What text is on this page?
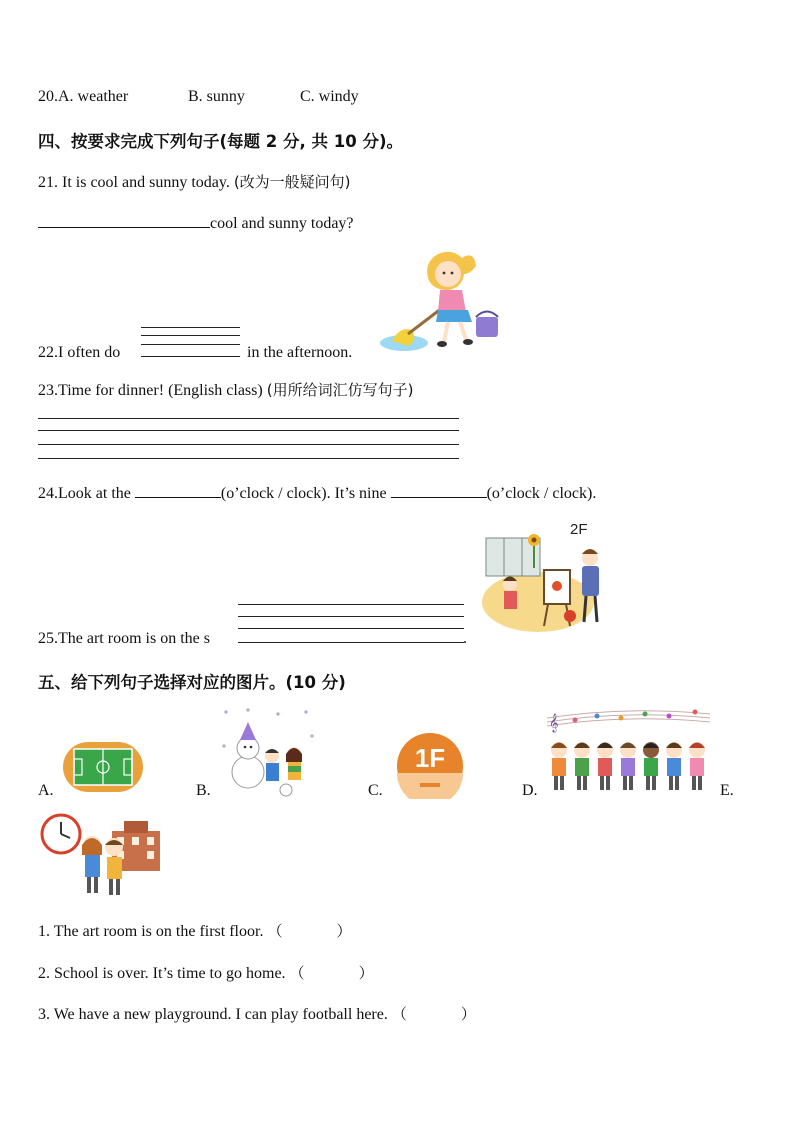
20.A. weather	B. sunny	C. windy
四、按要求完成下列句子(每题 2 分, 共 10 分)。
21. It is cool and sunny today. (改为一般疑问句)
cool and sunny today?
22.I often do	in the afternoon.
23.Time for dinner! (English class) (用所给词汇仿写句子)
24.Look at the	(o’clock / clock). It’s nine	(o’clock / clock).
25.The art room is on the s	.
2F
五、给下列句子选择对应的图片。(10 分)
A.	B.	C.	D.	E.
1F
𝄞
1. The art room is on the first floor. （	）
2. School is over. It’s time to go home. （	）
3. We have a new playground. I can play football here. （	）
